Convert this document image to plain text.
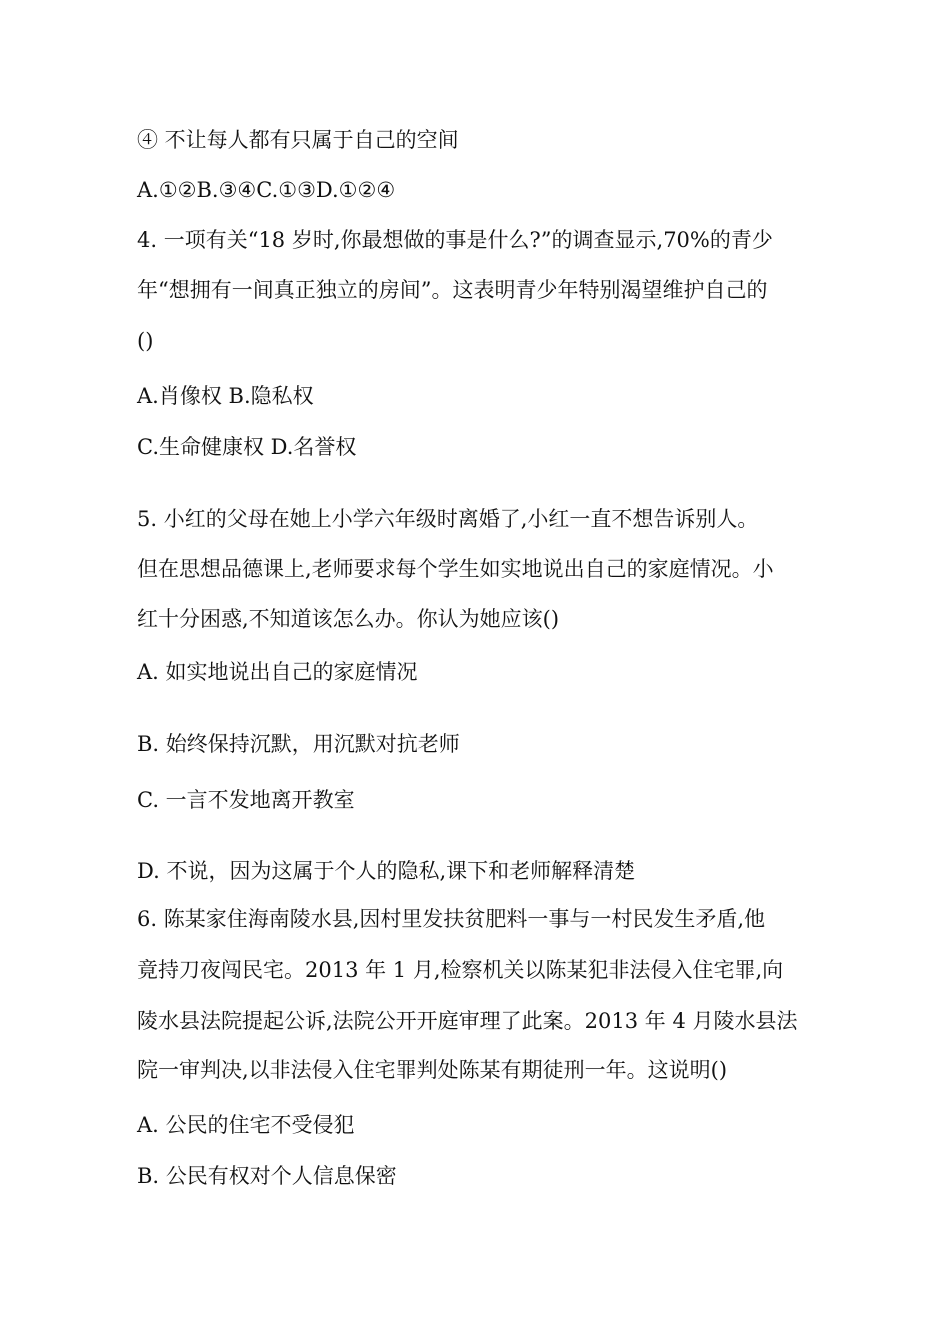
④ 不让每人都有只属于自己的空间

A.①②B.③④C.①③D.①②④

4. 一项有关“18 岁时,你最想做的事是什么?”的调查显示,70%的青少

年“想拥有一间真正独立的房间”。这表明青少年特别渴望维护自己的

()

A.肖像权 B.隐私权

C.生命健康权 D.名誉权

5. 小红的父母在她上小学六年级时离婚了,小红一直不想告诉别人。

但在思想品德课上,老师要求每个学生如实地说出自己的家庭情况。小

红十分困惑,不知道该怎么办。你认为她应该()

A. 如实地说出自己的家庭情况

B. 始终保持沉默，用沉默对抗老师

C. 一言不发地离开教室

D. 不说，因为这属于个人的隐私,课下和老师解释清楚

6. 陈某家住海南陵水县,因村里发扶贫肥料一事与一村民发生矛盾,他

竟持刀夜闯民宅。2013 年 1 月,检察机关以陈某犯非法侵入住宅罪,向

陵水县法院提起公诉,法院公开开庭审理了此案。2013 年 4 月陵水县法

院一审判决,以非法侵入住宅罪判处陈某有期徒刑一年。这说明()

A. 公民的住宅不受侵犯

B. 公民有权对个人信息保密
